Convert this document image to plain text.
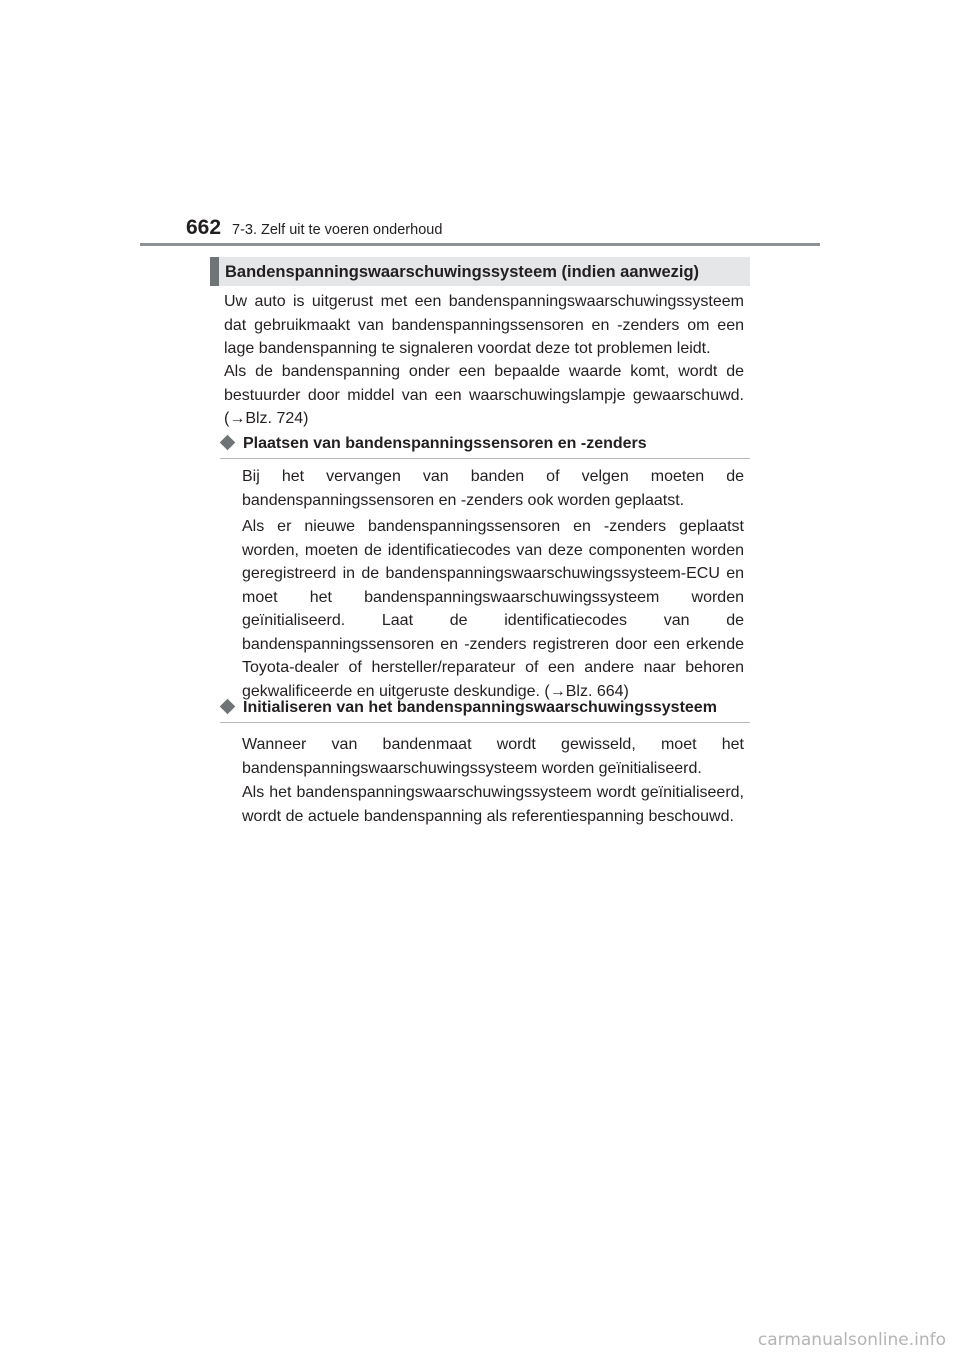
662 7-3. Zelf uit te voeren onderhoud
Bandenspanningswaarschuwingssysteem (indien aanwezig)

Uw auto is uitgerust met een bandenspanningswaarschuwingssysteem dat gebruikmaakt van bandenspanningssensoren en -zenders om een lage bandenspanning te signaleren voordat deze tot problemen leidt.

Als de bandenspanning onder een bepaalde waarde komt, wordt de bestuurder door middel van een waarschuwingslampje gewaarschuwd. (→Blz. 724)

Plaatsen van bandenspanningssensoren en -zenders

Bij het vervangen van banden of velgen moeten de bandenspanningssensoren en -zenders ook worden geplaatst.

Als er nieuwe bandenspanningssensoren en -zenders geplaatst worden, moeten de identificatiecodes van deze componenten worden geregistreerd in de bandenspanningswaarschuwingssysteem-ECU en moet het bandenspanningswaarschuwingssysteem worden geïnitialiseerd. Laat de identificatiecodes van de bandenspanningssensoren en -zenders registreren door een erkende Toyota-dealer of hersteller/reparateur of een andere naar behoren gekwalificeerde en uitgeruste deskundige. (→Blz. 664)

Initialiseren van het bandenspanningswaarschuwingssysteem

Wanneer van bandenmaat wordt gewisseld, moet het bandenspanningswaarschuwingssysteem worden geïnitialiseerd.

Als het bandenspanningswaarschuwingssysteem wordt geïnitialiseerd, wordt de actuele bandenspanning als referentiespanning beschouwd.

carmanualsonline.info
